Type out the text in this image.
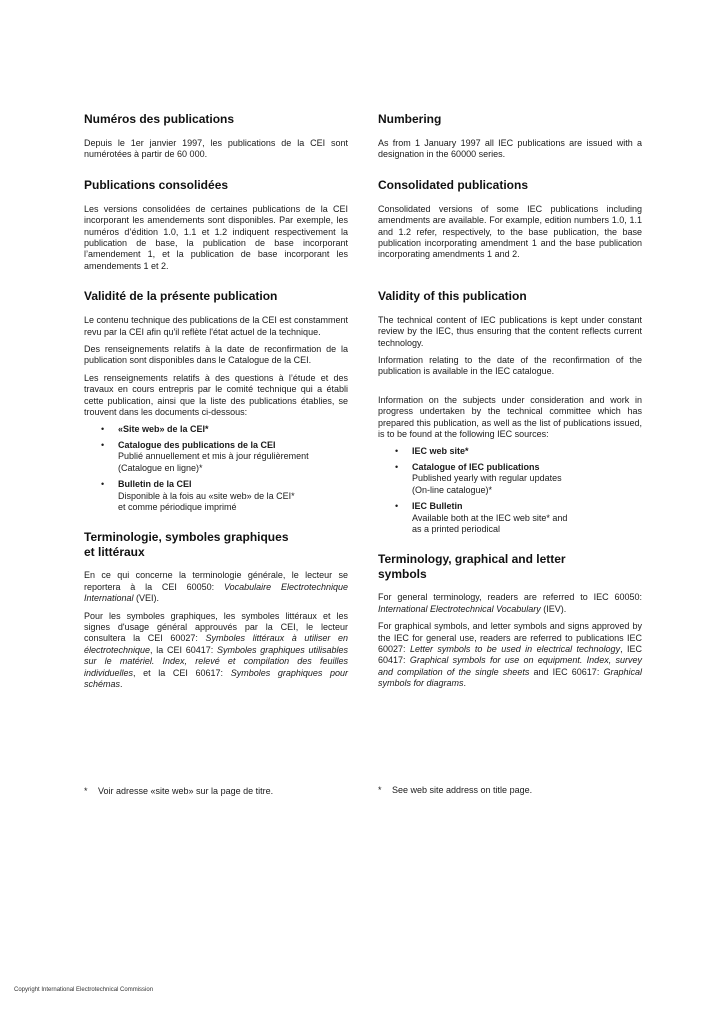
Numéros des publications

Depuis le 1er janvier 1997, les publications de la CEI sont numérotées à partir de 60 000.

Publications consolidées

Les versions consolidées de certaines publications de la CEI incorporant les amendements sont disponibles. Par exemple, les numéros d’édition 1.0, 1.1 et 1.2 indiquent respectivement la publication de base, la publication de base incorporant l’amendement 1, et la publication de base incorporant les amendements 1 et 2.

Validité de la présente publication

Le contenu technique des publications de la CEI est constamment revu par la CEI afin qu'il reflète l'état actuel de la technique.

Des renseignements relatifs à la date de reconfirmation de la publication sont disponibles dans le Catalogue de la CEI.

Les renseignements relatifs à des questions à l’étude et des travaux en cours entrepris par le comité technique qui a établi cette publication, ainsi que la liste des publications établies, se trouvent dans les documents ci-dessous:

• «Site web» de la CEI*
• Catalogue des publications de la CEI
Publié annuellement et mis à jour régulièrement
(Catalogue en ligne)*
• Bulletin de la CEI
Disponible à la fois au «site web» de la CEI*
et comme périodique imprimé
Terminologie, symboles graphiques
et littéraux

En ce qui concerne la terminologie générale, le lecteur se reportera à la CEI 60050: Vocabulaire Electrotechnique International (VEI).

Pour les symboles graphiques, les symboles littéraux et les signes d'usage général approuvés par la CEI, le lecteur consultera la CEI 60027: Symboles littéraux à utiliser en électrotechnique, la CEI 60417: Symboles graphiques utilisables sur le matériel. Index, relevé et compilation des feuilles individuelles, et la CEI 60617: Symboles graphiques pour schémas.

Numbering

As from 1 January 1997 all IEC publications are issued with a designation in the 60000 series.

Consolidated publications

Consolidated versions of some IEC publications including amendments are available. For example, edition numbers 1.0, 1.1 and 1.2 refer, respectively, to the base publication, the base publication incorporating amendment 1 and the base publication incorporating amendments 1 and 2.

Validity of this publication

The technical content of IEC publications is kept under constant review by the IEC, thus ensuring that the content reflects current technology.

Information relating to the date of the reconfirmation of the publication is available in the IEC catalogue.

Information on the subjects under consideration and work in progress undertaken by the technical committee which has prepared this publication, as well as the list of publications issued, is to be found at the following IEC sources:

• IEC web site*
• Catalogue of IEC publications
Published yearly with regular updates
(On-line catalogue)*
• IEC Bulletin
Available both at the IEC web site* and
as a printed periodical
Terminology, graphical and letter
symbols

For general terminology, readers are referred to IEC 60050: International Electrotechnical Vocabulary (IEV).

For graphical symbols, and letter symbols and signs approved by the IEC for general use, readers are referred to publications IEC 60027: Letter symbols to be used in electrical technology, IEC 60417: Graphical symbols for use on equipment. Index, survey and compilation of the single sheets and IEC 60617: Graphical symbols for diagrams.

* Voir adresse «site web» sur la page de titre.	* See web site address on title page.
Copyright International Electrotechnical Commission
